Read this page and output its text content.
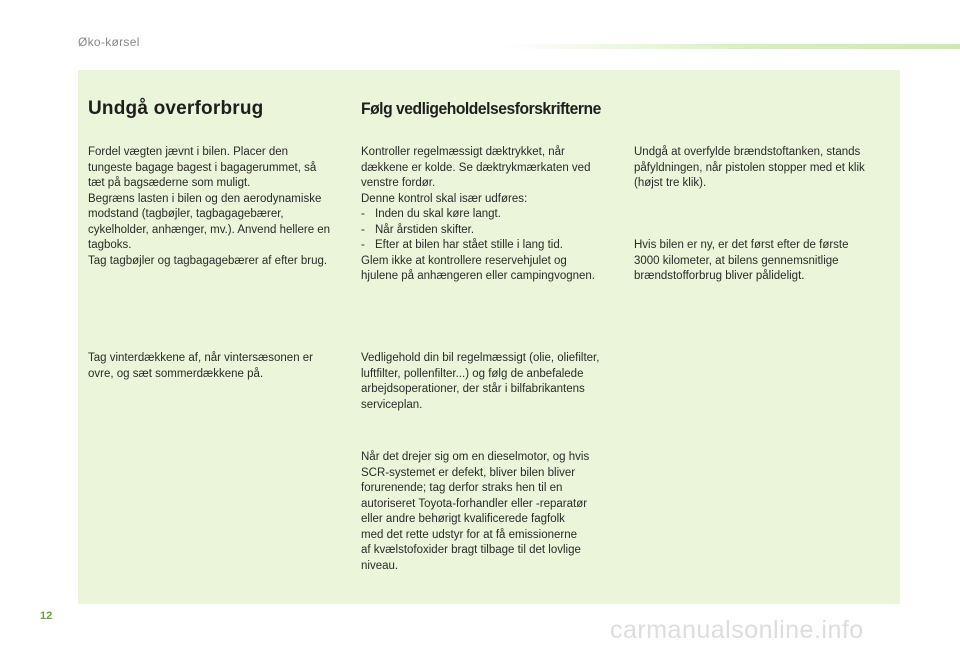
Øko-kørsel
Undgå overforbrug

Fordel vægten jævnt i bilen. Placer den

tungeste bagage bagest i bagagerummet, så

tæt på bagsæderne som muligt.

Begræns lasten i bilen og den aerodynamiske

modstand (tagbøjler, tagbagagebærer,

cykelholder, anhænger, mv.). Anvend hellere en

tagboks.

Tag tagbøjler og tagbagagebærer af efter brug.

Tag vinterdækkene af, når vintersæsonen er

ovre, og sæt sommerdækkene på.

Følg vedligeholdelsesforskrifterne

Kontroller regelmæssigt dæktrykket, når

dækkene er kolde. Se dæktrykmærkaten ved

venstre fordør.

Denne kontrol skal især udføres:

- Inden du skal køre langt.
- Når årstiden skifter.
- Efter at bilen har stået stille i lang tid.

Glem ikke at kontrollere reservehjulet og

hjulene på anhængeren eller campingvognen.

Vedligehold din bil regelmæssigt (olie, oliefilter,

luftfilter, pollenfilter...) og følg de anbefalede

arbejdsoperationer, der står i bilfabrikantens

serviceplan.

Når det drejer sig om en dieselmotor, og hvis

SCR-systemet er defekt, bliver bilen bliver

forurenende; tag derfor straks hen til en

autoriseret Toyota-forhandler eller -reparatør

eller andre behørigt kvalificerede fagfolk

med det rette udstyr for at få emissionerne

af kvælstofoxider bragt tilbage til det lovlige

niveau.

Undgå at overfylde brændstoftanken, stands

påfyldningen, når pistolen stopper med et klik

(højst tre klik).

Hvis bilen er ny, er det først efter de første

3000 kilometer, at bilens gennemsnitlige

brændstofforbrug bliver pålideligt.

12	carmanualsonline.info
